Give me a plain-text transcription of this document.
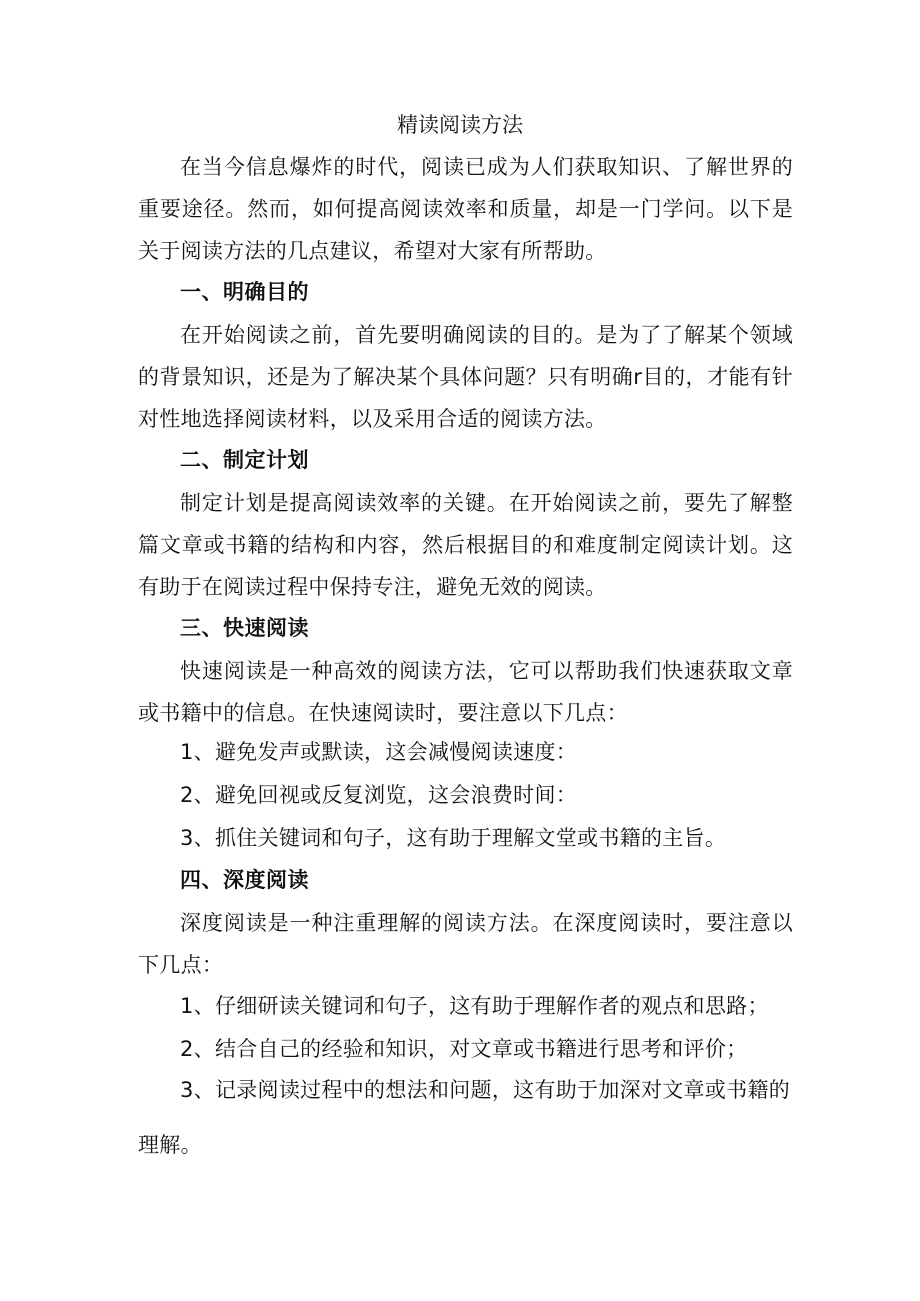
精读阅读方法

在当今信息爆炸的时代，阅读已成为人们获取知识、了解世界的重要途径。然而，如何提高阅读效率和质量，却是一门学问。以下是关于阅读方法的几点建议，希望对大家有所帮助。

一、明确目的

在开始阅读之前，首先要明确阅读的目的。是为了了解某个领域的背景知识，还是为了解决某个具体问题？只有明确r目的，才能有针对性地选择阅读材料，以及采用合适的阅读方法。

二、制定计划

制定计划是提高阅读效率的关键。在开始阅读之前，要先了解整篇文章或书籍的结构和内容，然后根据目的和难度制定阅读计划。这有助于在阅读过程中保持专注，避免无效的阅读。

三、快速阅读

快速阅读是一种高效的阅读方法，它可以帮助我们快速获取文章或书籍中的信息。在快速阅读时，要注意以下几点：

1、避免发声或默读，这会减慢阅读速度：

2、避免回视或反复浏览，这会浪费时间：

3、抓住关键词和句子，这有助于理解文堂或书籍的主旨。

四、深度阅读

深度阅读是一种注重理解的阅读方法。在深度阅读时，要注意以下几点：

1、仔细研读关键词和句子，这有助于理解作者的观点和思路；

2、结合自己的经验和知识，对文章或书籍进行思考和评价；

3、记录阅读过程中的想法和问题，这有助于加深对文章或书籍的理解。
